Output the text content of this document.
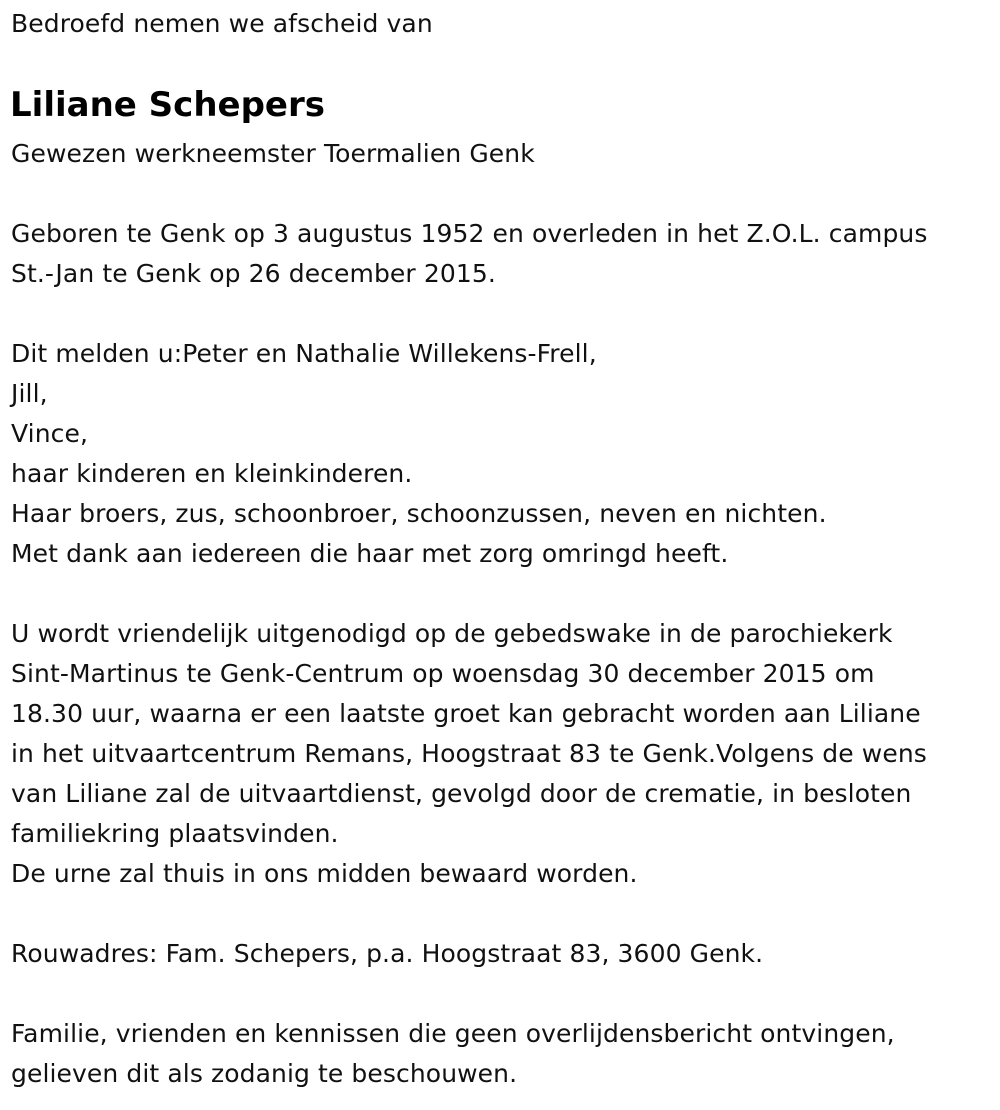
Bedroefd nemen we afscheid van
Liliane Schepers
Gewezen werkneemster Toermalien Genk
Geboren te Genk op 3 augustus 1952 en overleden in het Z.O.L. campus
St.-Jan te Genk op 26 december 2015.
Dit melden u:Peter en Nathalie Willekens-Frell,
Jill,
Vince,
haar kinderen en kleinkinderen.
Haar broers, zus, schoonbroer, schoonzussen, neven en nichten.
Met dank aan iedereen die haar met zorg omringd heeft.
U wordt vriendelijk uitgenodigd op de gebedswake in de parochiekerk
Sint-Martinus te Genk-Centrum op woensdag 30 december 2015 om
18.30 uur, waarna er een laatste groet kan gebracht worden aan Liliane
in het uitvaartcentrum Remans, Hoogstraat 83 te Genk.Volgens de wens
van Liliane zal de uitvaartdienst, gevolgd door de crematie, in besloten
familiekring plaatsvinden.
De urne zal thuis in ons midden bewaard worden.
Rouwadres: Fam. Schepers, p.a. Hoogstraat 83, 3600 Genk.
Familie, vrienden en kennissen die geen overlijdensbericht ontvingen,
gelieven dit als zodanig te beschouwen.
